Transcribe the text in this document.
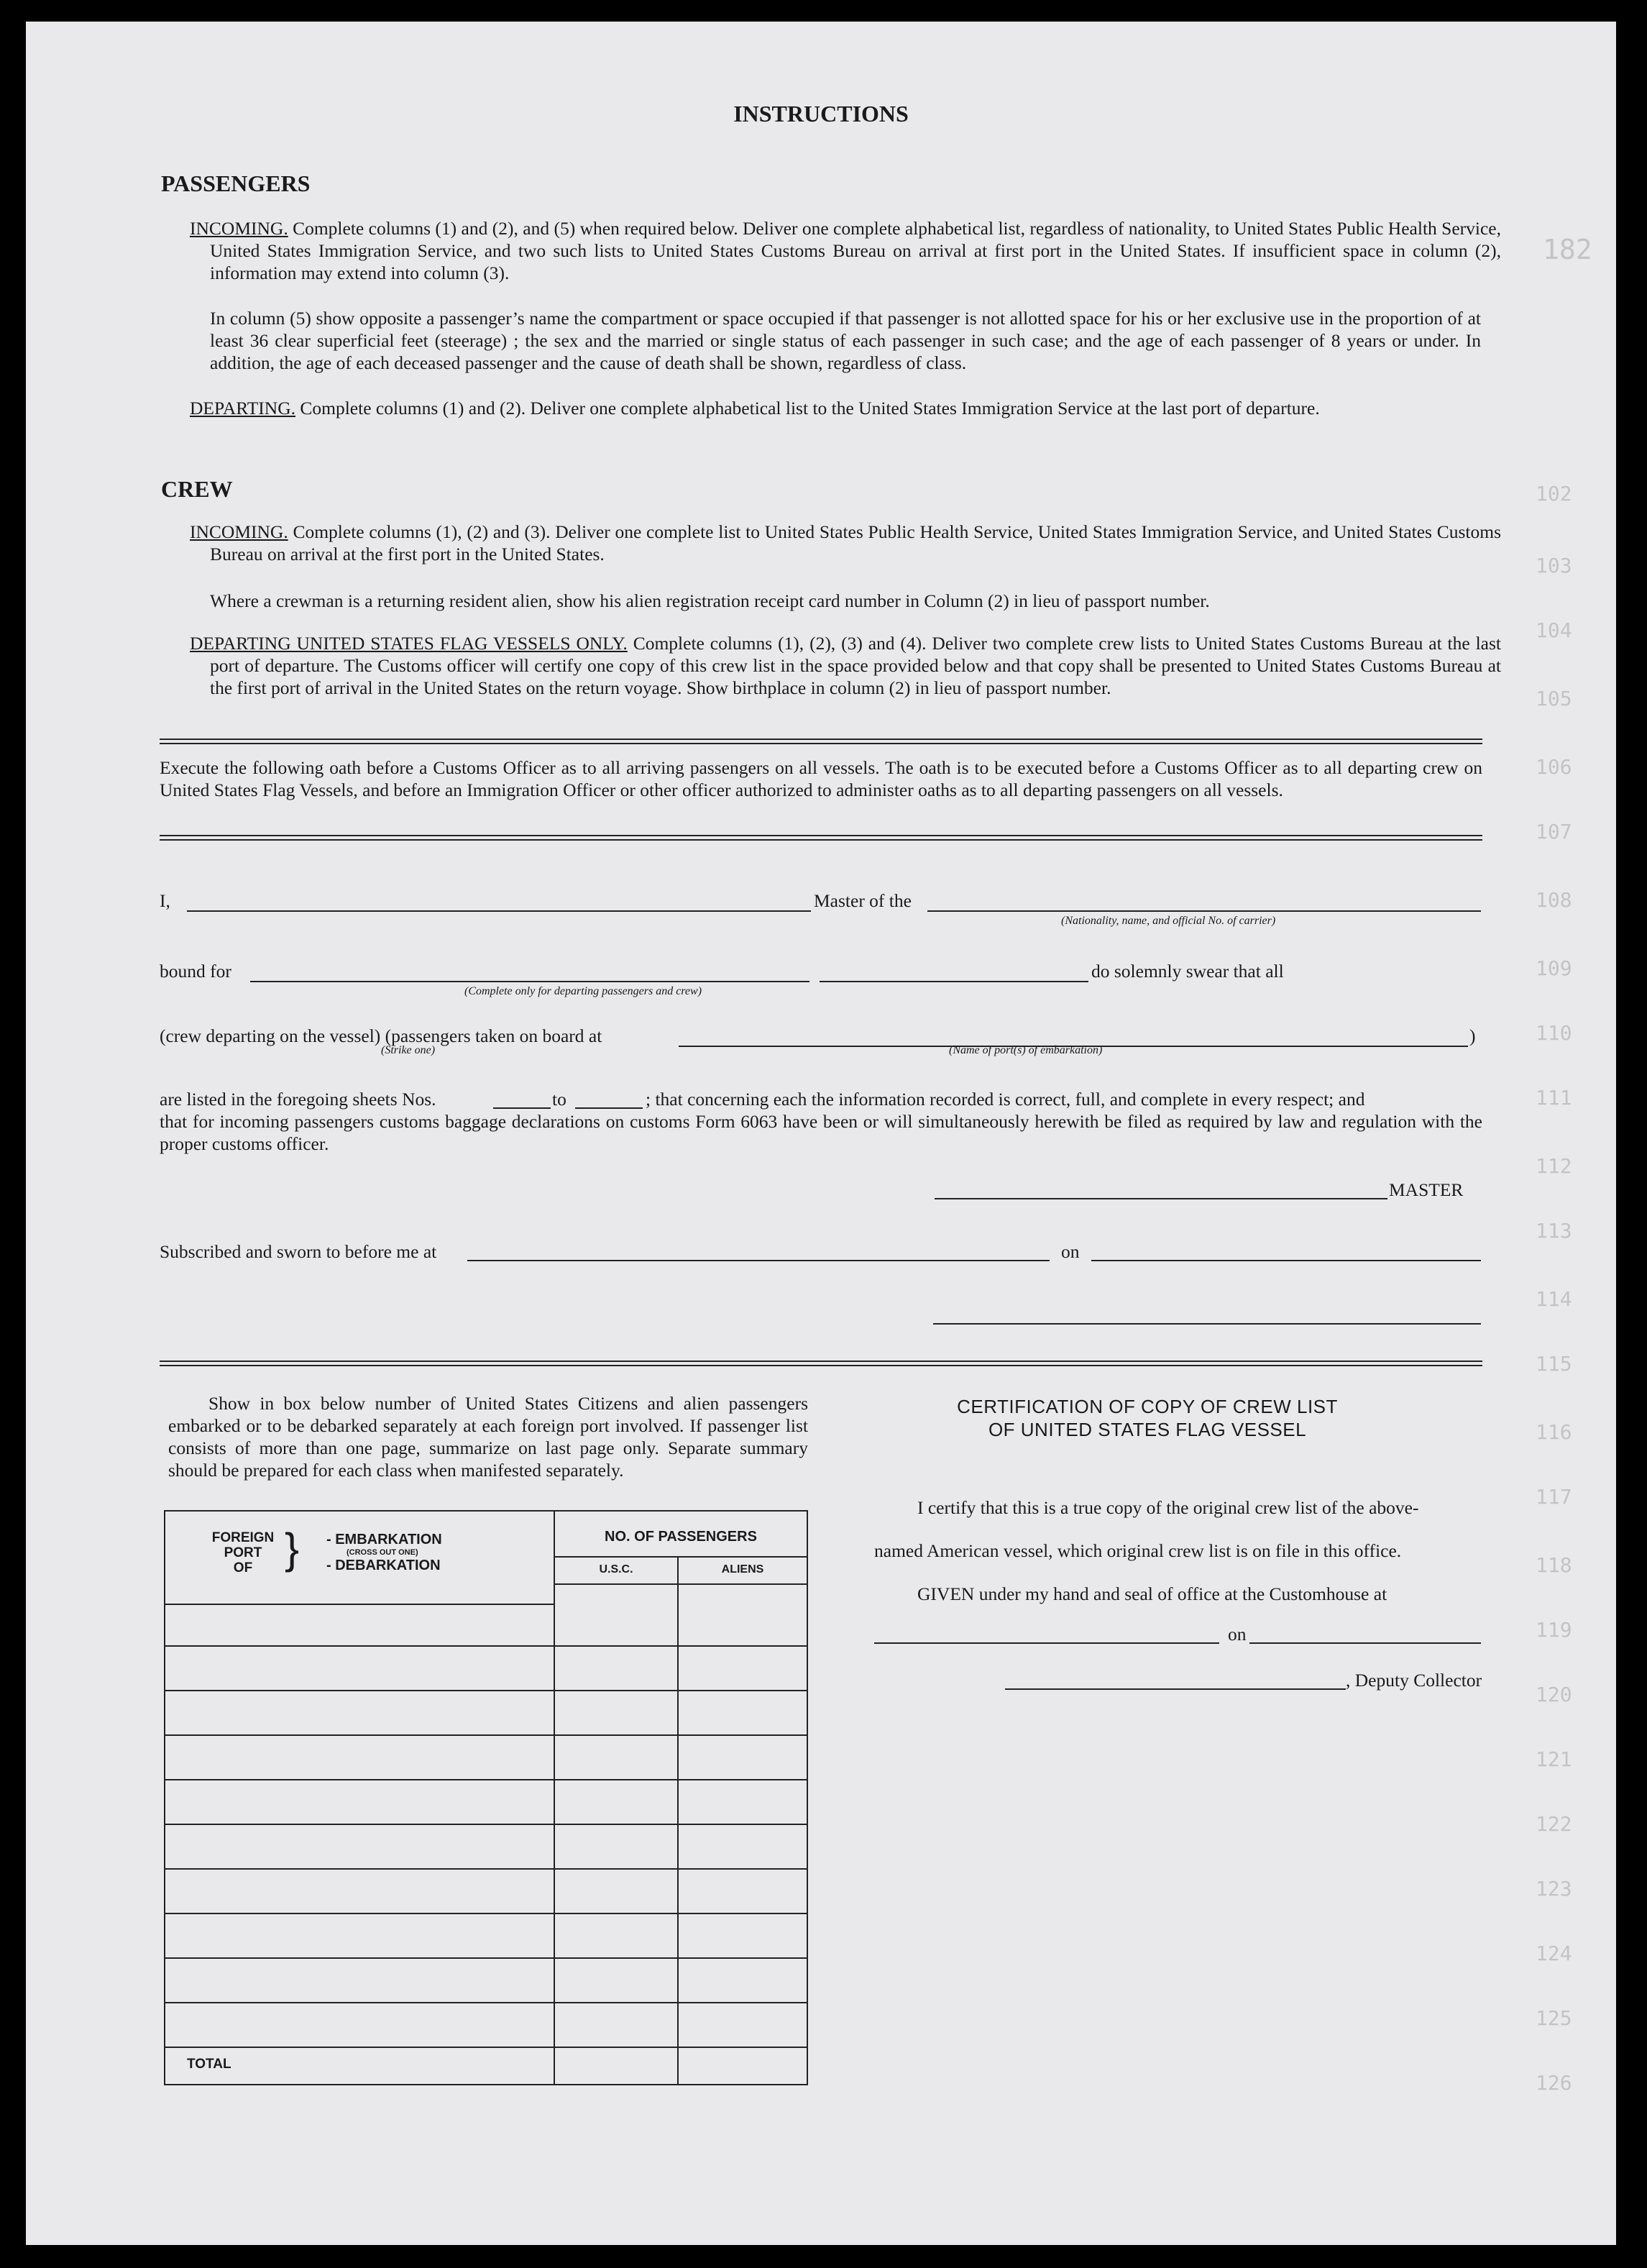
182
102
103
104
105
106
107
108
109
110
111
112
113
114
115
116
117
118
119
120
121
122
123
124
125
126
INSTRUCTIONS
PASSENGERS
INCOMING. Complete columns (1) and (2), and (5) when required below. Deliver one complete alphabetical list, regardless of nationality, to United States Public Health Service, United States Immigration Service, and two such lists to United States Customs Bureau on arrival at first port in the United States. If insufficient space in column (2), information may extend into column (3).
In column (5) show opposite a passenger’s name the compartment or space occupied if that passenger is not allotted space for his or her exclusive use in the proportion of at least 36 clear superficial feet (steerage) ; the sex and the married or single status of each passenger in such case; and the age of each passenger of 8 years or under. In addition, the age of each deceased passenger and the cause of death shall be shown, regardless of class.
DEPARTING. Complete columns (1) and (2). Deliver one complete alphabetical list to the United States Immigration Service at the last port of departure.
CREW
INCOMING. Complete columns (1), (2) and (3). Deliver one complete list to United States Public Health Service, United States Immigration Service, and United States Customs Bureau on arrival at the first port in the United States.
Where a crewman is a returning resident alien, show his alien registration receipt card number in Column (2) in lieu of passport number.
DEPARTING UNITED STATES FLAG VESSELS ONLY. Complete columns (1), (2), (3) and (4). Deliver two complete crew lists to United States Customs Bureau at the last port of departure. The Customs officer will certify one copy of this crew list in the space provided below and that copy shall be presented to United States Customs Bureau at the first port of arrival in the United States on the return voyage. Show birthplace in column (2) in lieu of passport number.
Execute the following oath before a Customs Officer as to all arriving passengers on all vessels. The oath is to be executed before a Customs Officer as to all departing crew on United States Flag Vessels, and before an Immigration Officer or other officer authorized to administer oaths as to all departing passengers on all vessels.
I,	Master of the
(Nationality, name, and official No. of carrier)
bound for
(Complete only for departing passengers and crew)
do solemnly swear that all
(crew departing on the vessel) (passengers taken on board at	)
(Strike one)	(Name of port(s) of embarkation)
are listed in the foregoing sheets Nos.	to	; that concerning each the information recorded is correct, full, and complete in every respect; and
that for incoming passengers customs baggage declarations on customs Form 6063 have been or will simultaneously herewith be filed as required by law and regulation with the proper customs officer.
MASTER
Subscribed and sworn to before me at	on
Show in box below number of United States Citizens and alien passengers embarked or to be debarked separately at each foreign port involved. If passenger list consists of more than one page, summarize on last page only. Separate summary should be prepared for each class when manifested separately.
FOREIGN
PORT
OF } - EMBARKATION
(CROSS OUT ONE)
- DEBARKATION
NO. OF PASSENGERS
U.S.C.	ALIENS
TOTAL
CERTIFICATION OF COPY OF CREW LIST
OF UNITED STATES FLAG VESSEL
I certify that this is a true copy of the original crew list of the above-
named American vessel, which original crew list is on file in this office.
GIVEN under my hand and seal of office at the Customhouse at
on
, Deputy Collector
